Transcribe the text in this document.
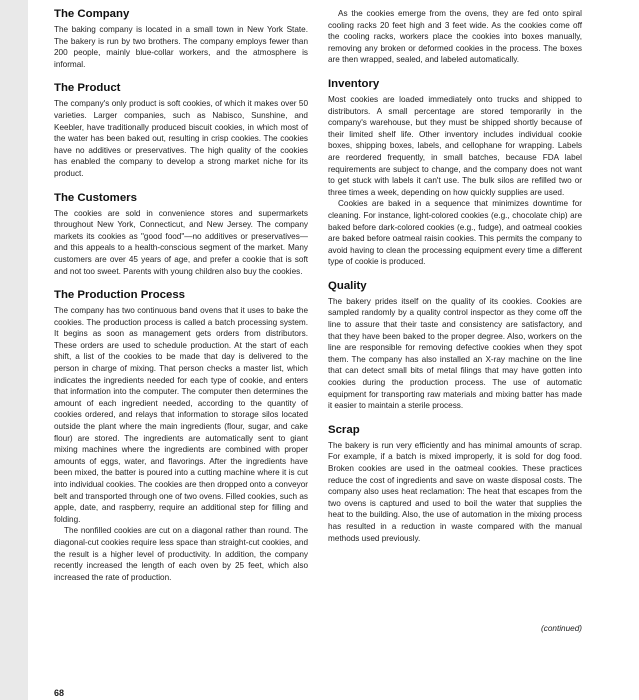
The Company

The baking company is located in a small town in New York State. The bakery is run by two brothers. The company employs fewer than 200 people, mainly blue-collar workers, and the atmosphere is informal.

The Product

The company's only product is soft cookies, of which it makes over 50 varieties. Larger companies, such as Nabisco, Sunshine, and Keebler, have traditionally produced biscuit cookies, in which most of the water has been baked out, resulting in crisp cookies. The cookies have no additives or preservatives. The high quality of the cookies has enabled the company to develop a strong market niche for its product.

The Customers

The cookies are sold in convenience stores and supermarkets throughout New York, Connecticut, and New Jersey. The company markets its cookies as "good food"—no additives or preservatives—and this appeals to a health-conscious segment of the market. Many customers are over 45 years of age, and prefer a cookie that is soft and not too sweet. Parents with young children also buy the cookies.

The Production Process

The company has two continuous band ovens that it uses to bake the cookies. The production process is called a batch processing system. It begins as soon as management gets orders from distributors. These orders are used to schedule production. At the start of each shift, a list of the cookies to be made that day is delivered to the person in charge of mixing. That person checks a master list, which indicates the ingredients needed for each type of cookie, and enters that information into the computer. The computer then determines the amount of each ingredient needed, according to the quantity of cookies ordered, and relays that information to storage silos located outside the plant where the main ingredients (flour, sugar, and cake flour) are stored. The ingredients are automatically sent to giant mixing machines where the ingredients are combined with proper amounts of eggs, water, and flavorings. After the ingredients have been mixed, the batter is poured into a cutting machine where it is cut into individual cookies. The cookies are then dropped onto a conveyor belt and transported through one of two ovens. Filled cookies, such as apple, date, and raspberry, require an additional step for filling and folding.

The nonfilled cookies are cut on a diagonal rather than round. The diagonal-cut cookies require less space than straight-cut cookies, and the result is a higher level of productivity. In addition, the company recently increased the length of each oven by 25 feet, which also increased the rate of production.

As the cookies emerge from the ovens, they are fed onto spiral cooling racks 20 feet high and 3 feet wide. As the cookies come off the cooling racks, workers place the cookies into boxes manually, removing any broken or deformed cookies in the process. The boxes are then wrapped, sealed, and labeled automatically.

Inventory

Most cookies are loaded immediately onto trucks and shipped to distributors. A small percentage are stored temporarily in the company's warehouse, but they must be shipped shortly because of their limited shelf life. Other inventory includes individual cookie boxes, shipping boxes, labels, and cellophane for wrapping. Labels are reordered frequently, in small batches, because FDA label requirements are subject to change, and the company does not want to get stuck with labels it can't use. The bulk silos are refilled two or three times a week, depending on how quickly supplies are used.

Cookies are baked in a sequence that minimizes downtime for cleaning. For instance, light-colored cookies (e.g., chocolate chip) are baked before dark-colored cookies (e.g., fudge), and oatmeal cookies are baked before oatmeal raisin cookies. This permits the company to avoid having to clean the processing equipment every time a different type of cookie is produced.

Quality

The bakery prides itself on the quality of its cookies. Cookies are sampled randomly by a quality control inspector as they come off the line to assure that their taste and consistency are satisfactory, and that they have been baked to the proper degree. Also, workers on the line are responsible for removing defective cookies when they spot them. The company has also installed an X-ray machine on the line that can detect small bits of metal filings that may have gotten into cookies during the production process. The use of automatic equipment for transporting raw materials and mixing batter has made it easier to maintain a sterile process.

Scrap

The bakery is run very efficiently and has minimal amounts of scrap. For example, if a batch is mixed improperly, it is sold for dog food. Broken cookies are used in the oatmeal cookies. These practices reduce the cost of ingredients and save on waste disposal costs. The company also uses heat reclamation: The heat that escapes from the two ovens is captured and used to boil the water that supplies the heat to the building. Also, the use of automation in the mixing process has resulted in a reduction in waste compared with the manual methods used previously.

(continued)
68
